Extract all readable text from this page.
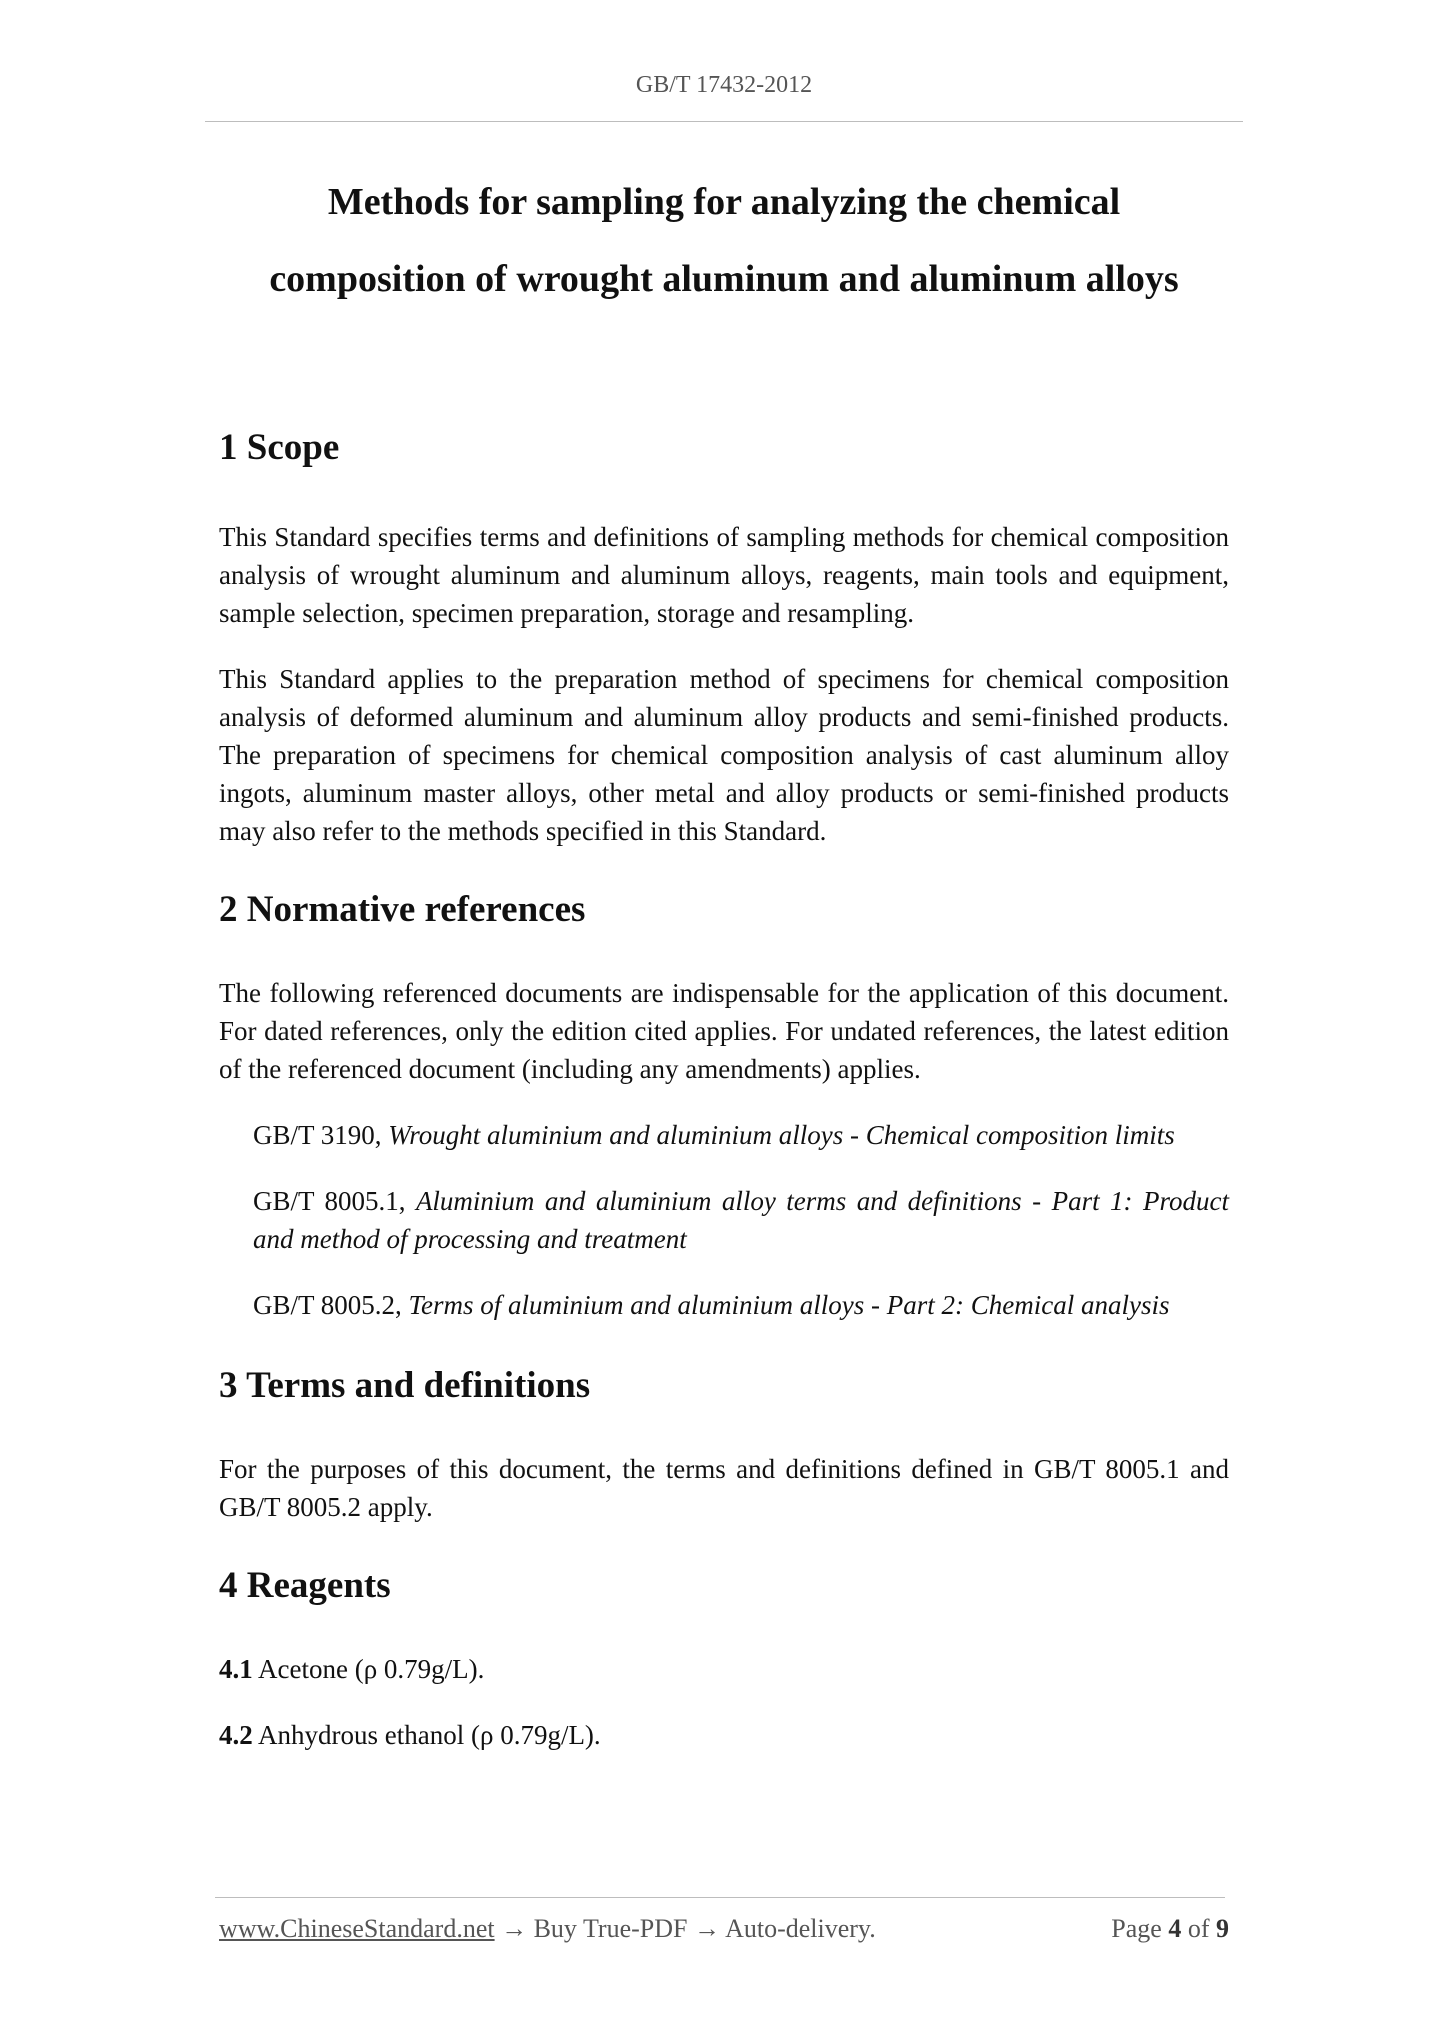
GB/T 17432-2012
Methods for sampling for analyzing the chemical
composition of wrought aluminum and aluminum alloys
1 Scope

This Standard specifies terms and definitions of sampling methods for chemical composition analysis of wrought aluminum and aluminum alloys, reagents, main tools and equipment, sample selection, specimen preparation, storage and resampling.

This Standard applies to the preparation method of specimens for chemical composition analysis of deformed aluminum and aluminum alloy products and semi-finished products. The preparation of specimens for chemical composition analysis of cast aluminum alloy ingots, aluminum master alloys, other metal and alloy products or semi-finished products may also refer to the methods specified in this Standard.

2 Normative references

The following referenced documents are indispensable for the application of this document. For dated references, only the edition cited applies. For undated references, the latest edition of the referenced document (including any amendments) applies.

GB/T 3190, Wrought aluminium and aluminium alloys - Chemical composition limits

GB/T 8005.1, Aluminium and aluminium alloy terms and definitions - Part 1: Product and method of processing and treatment

GB/T 8005.2, Terms of aluminium and aluminium alloys - Part 2: Chemical analysis

3 Terms and definitions

For the purposes of this document, the terms and definitions defined in GB/T 8005.1 and GB/T 8005.2 apply.

4 Reagents

4.1 Acetone (ρ 0.79g/L).

4.2 Anhydrous ethanol (ρ 0.79g/L).

www.ChineseStandard.net → Buy True-PDF → Auto-delivery.	Page 4 of 9
